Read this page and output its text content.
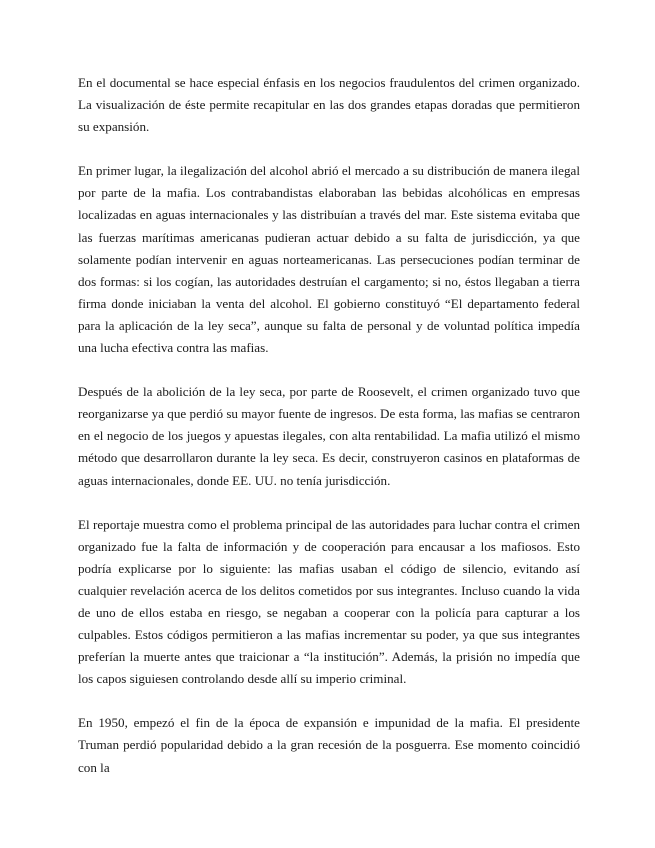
En el documental se hace especial énfasis en los negocios fraudulentos del crimen organizado. La visualización de éste permite recapitular en las dos grandes etapas doradas que permitieron su expansión.

En primer lugar, la ilegalización del alcohol abrió el mercado a su distribución de manera ilegal por parte de la mafia. Los contrabandistas elaboraban las bebidas alcohólicas en empresas localizadas en aguas internacionales y las distribuían a través del mar. Este sistema evitaba que las fuerzas marítimas americanas pudieran actuar debido a su falta de jurisdicción, ya que solamente podían intervenir en aguas norteamericanas. Las persecuciones podían terminar de dos formas: si los cogían, las autoridades destruían el cargamento; si no, éstos llegaban a tierra firma donde iniciaban la venta del alcohol. El gobierno constituyó “El departamento federal para la aplicación de la ley seca”, aunque su falta de personal y de voluntad política impedía una lucha efectiva contra las mafias.

Después de la abolición de la ley seca, por parte de Roosevelt, el crimen organizado tuvo que reorganizarse ya que perdió su mayor fuente de ingresos. De esta forma, las mafias se centraron en el negocio de los juegos y apuestas ilegales, con alta rentabilidad. La mafia utilizó el mismo método que desarrollaron durante la ley seca. Es decir, construyeron casinos en plataformas de aguas internacionales, donde EE. UU. no tenía jurisdicción.

El reportaje muestra como el problema principal de las autoridades para luchar contra el crimen organizado fue la falta de información y de cooperación para encausar a los mafiosos. Esto podría explicarse por lo siguiente: las mafias usaban el código de silencio, evitando así cualquier revelación acerca de los delitos cometidos por sus integrantes. Incluso cuando la vida de uno de ellos estaba en riesgo, se negaban a cooperar con la policía para capturar a los culpables. Estos códigos permitieron a las mafias incrementar su poder, ya que sus integrantes preferían la muerte antes que traicionar a “la institución”. Además, la prisión no impedía que los capos siguiesen controlando desde allí su imperio criminal.

En 1950, empezó el fin de la época de expansión e impunidad de la mafia. El presidente Truman perdió popularidad debido a la gran recesión de la posguerra. Ese momento coincidió con la
